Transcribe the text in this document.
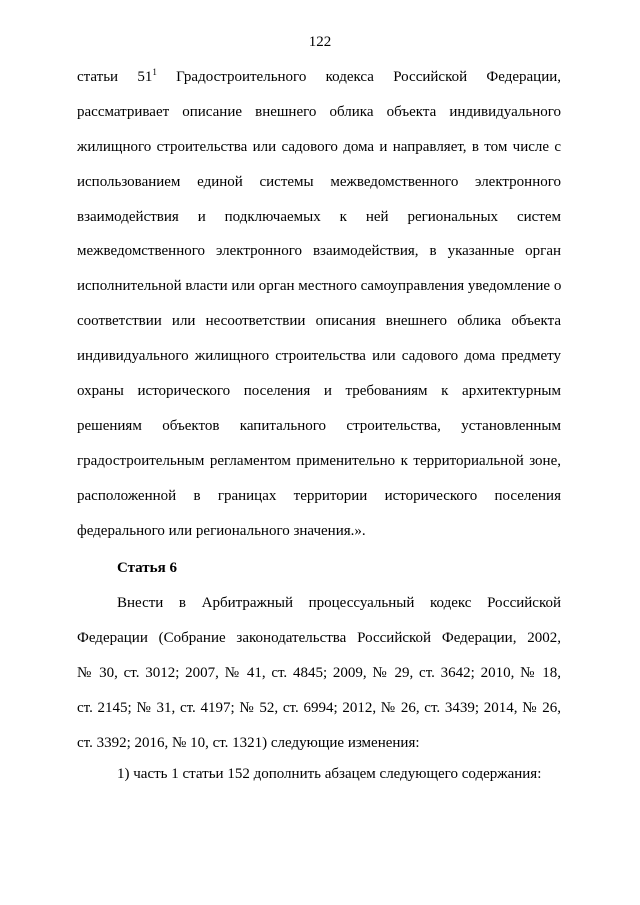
122
статьи $51^1$ Градостроительного кодекса Российской Федерации,
рассматривает описание внешнего облика объекта индивидуального
жилищного строительства или садового дома и направляет, в том числе с
использованием единой системы межведомственного электронного
взаимодействия и подключаемых к ней региональных систем
межведомственного электронного взаимодействия, в указанные орган
исполнительной власти или орган местного самоуправления уведомление о
соответствии или несоответствии описания внешнего облика объекта
индивидуального жилищного строительства или садового дома предмету
охраны исторического поселения и требованиям к архитектурным
решениям объектов капитального строительства, установленным
градостроительным регламентом применительно к территориальной зоне,
расположенной в границах территории исторического поселения
федерального или регионального значения.».
Статья 6
Внести в Арбитражный процессуальный кодекс Российской
Федерации (Собрание законодательства Российской Федерации, 2002,
№ 30, ст. 3012; 2007, № 41, ст. 4845; 2009, № 29, ст. 3642; 2010, № 18,
ст. 2145; № 31, ст. 4197; № 52, ст. 6994; 2012, № 26, ст. 3439; 2014, № 26,
ст. 3392; 2016, № 10, ст. 1321) следующие изменения:
1) часть 1 статьи 152 дополнить абзацем следующего содержания:
